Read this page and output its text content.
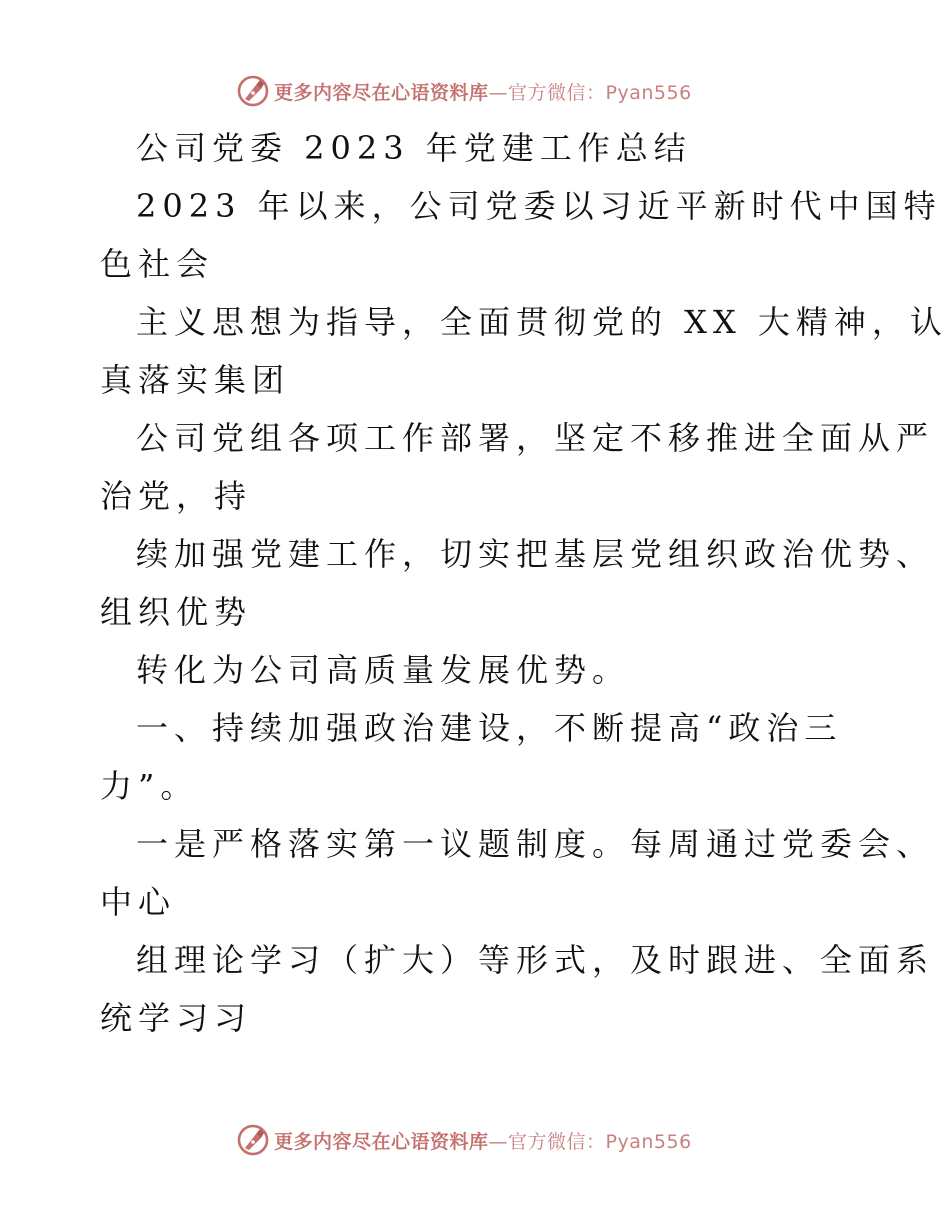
更多内容尽在心语资料库—官方微信：Pyan556
公司党委 2023 年党建工作总结
2023 年以来，公司党委以习近平新时代中国特
色社会
主义思想为指导，全面贯彻党的 XX 大精神，认
真落实集团
公司党组各项工作部署，坚定不移推进全面从严
治党，持
续加强党建工作，切实把基层党组织政治优势、
组织优势
转化为公司高质量发展优势。
一、持续加强政治建设，不断提高“政治三
力”。
一是严格落实第一议题制度。每周通过党委会、
中心
组理论学习（扩大）等形式，及时跟进、全面系
统学习习
更多内容尽在心语资料库—官方微信：Pyan556
